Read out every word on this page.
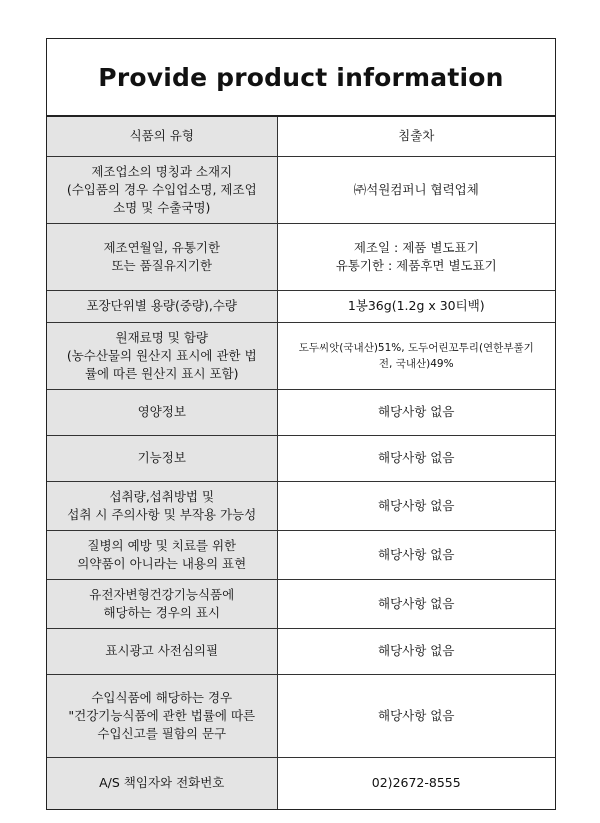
Provide product information
식품의 유형	침출차
제조업소의 명칭과 소재지
(수입품의 경우 수입업소명, 제조업
소명 및 수출국명)	㈜석원컴퍼니 협력업체
제조연월일, 유통기한
또는 품질유지기한	제조일 : 제품 별도표기
유통기한 : 제품후면 별도표기
포장단위별 용량(중량),수량	1봉36g(1.2g x 30티백)
원재료명 및 함량
(농수산물의 원산지 표시에 관한 법
률에 따른 원산지 표시 포함)	도두씨앗(국내산)51%, 도두어린꼬투리(연한부풀기
전, 국내산)49%
영양정보	해당사항 없음
기능정보	해당사항 없음
섭취량,섭취방법 및
섭취 시 주의사항 및 부작용 가능성	해당사항 없음
질병의 예방 및 치료를 위한
의약품이 아니라는 내용의 표현	해당사항 없음
유전자변형건강기능식품에
해당하는 경우의 표시	해당사항 없음
표시광고 사전심의필	해당사항 없음
수입식품에 해당하는 경우
"건강기능식품에 관한 법률에 따른
수입신고를 필함의 문구	해당사항 없음
A/S 책임자와 전화번호	02)2672-8555
